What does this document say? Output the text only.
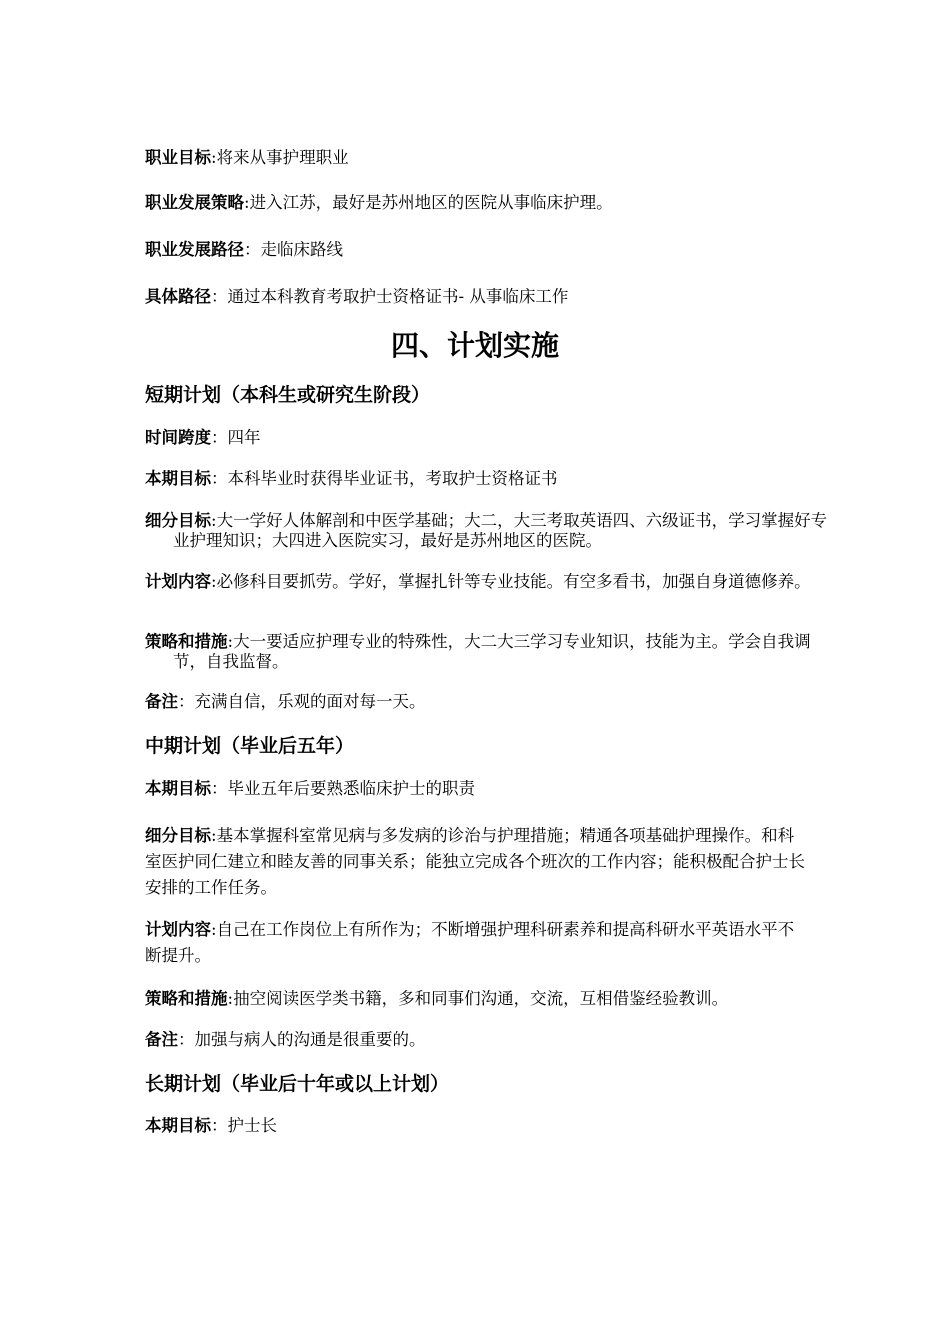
职业目标:将来从事护理职业
职业发展策略:进入江苏，最好是苏州地区的医院从事临床护理。
职业发展路径：走临床路线
具体路径：通过本科教育考取护士资格证书- 从事临床工作
四、计划实施
短期计划（本科生或研究生阶段）
时间跨度：四年
本期目标：本科毕业时获得毕业证书，考取护士资格证书
细分目标:大一学好人体解剖和中医学基础；大二，大三考取英语四、六级证书，学习掌握好专业护理知识；大四进入医院实习，最好是苏州地区的医院。
计划内容:必修科目要抓劳。学好，掌握扎针等专业技能。有空多看书，加强自身道德修养。
策略和措施:大一要适应护理专业的特殊性，大二大三学习专业知识，技能为主。学会自我调节，自我监督。
备注：充满自信，乐观的面对每一天。
中期计划（毕业后五年）
本期目标：毕业五年后要熟悉临床护士的职责
细分目标:基本掌握科室常见病与多发病的诊治与护理措施；精通各项基础护理操作。和科室医护同仁建立和睦友善的同事关系；能独立完成各个班次的工作内容；能积极配合护士长安排的工作任务。
计划内容:自己在工作岗位上有所作为；不断增强护理科研素养和提高科研水平英语水平不断提升。
策略和措施:抽空阅读医学类书籍，多和同事们沟通，交流，互相借鉴经验教训。
备注：加强与病人的沟通是很重要的。
长期计划（毕业后十年或以上计划）
本期目标：护士长
